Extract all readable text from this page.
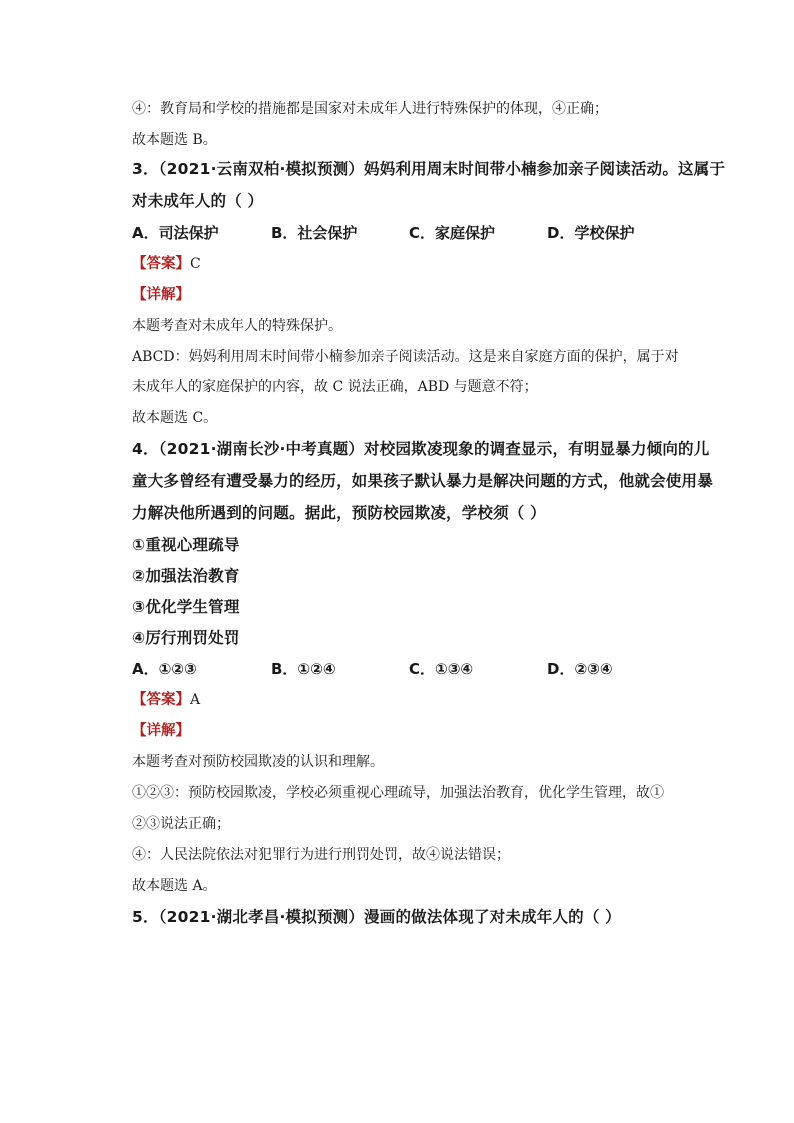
④：教育局和学校的措施都是国家对未成年人进行特殊保护的体现，④正确；
故本题选 B。
3．（2021·云南双柏·模拟预测）妈妈利用周末时间带小楠参加亲子阅读活动。这属于
对未成年人的（ ）
A．司法保护	B．社会保护	C．家庭保护	D．学校保护
【答案】C
【详解】
本题考查对未成年人的特殊保护。
ABCD：妈妈利用周末时间带小楠参加亲子阅读活动。这是来自家庭方面的保护，属于对
未成年人的家庭保护的内容，故 C 说法正确，ABD 与题意不符；
故本题选 C。
4．（2021·湖南长沙·中考真题）对校园欺凌现象的调查显示，有明显暴力倾向的儿
童大多曾经有遭受暴力的经历，如果孩子默认暴力是解决问题的方式，他就会使用暴
力解决他所遇到的问题。据此，预防校园欺凌，学校须（ ）
①重视心理疏导
②加强法治教育
③优化学生管理
④厉行刑罚处罚
A．①②③	B．①②④	C．①③④	D．②③④
【答案】A
【详解】
本题考查对预防校园欺凌的认识和理解。
①②③：预防校园欺凌，学校必须重视心理疏导，加强法治教育，优化学生管理，故①
②③说法正确；
④：人民法院依法对犯罪行为进行刑罚处罚，故④说法错误；
故本题选 A。
5．（2021·湖北孝昌·模拟预测）漫画的做法体现了对未成年人的（ ）
